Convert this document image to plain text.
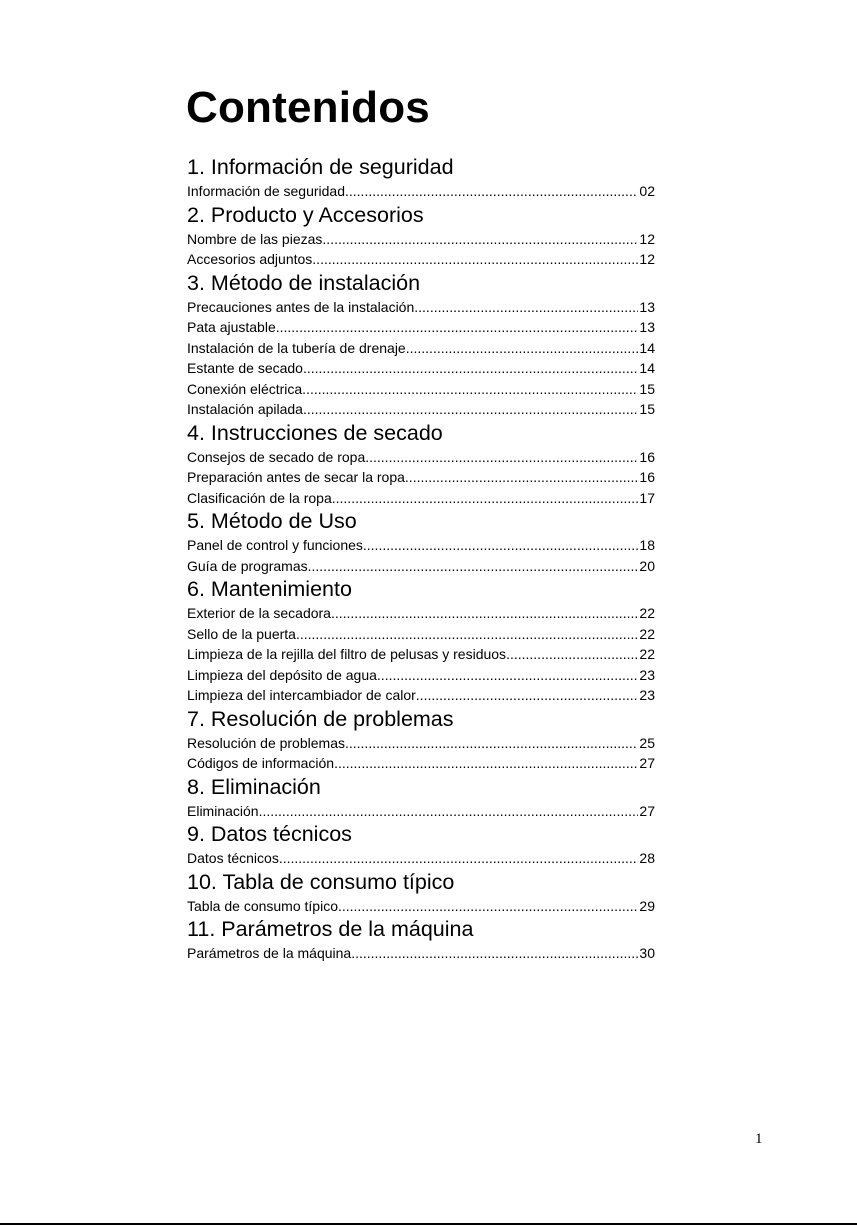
Contenidos
1. Información de seguridad
Información de seguridad .....	02
2. Producto y Accesorios
Nombre de las piezas .....	12
Accesorios adjuntos .....	12
3. Método de instalación
Precauciones antes de la instalación .....	13
Pata ajustable .....	13
Instalación de la tubería de drenaje .....	14
Estante de secado .....	14
Conexión eléctrica .....	15
Instalación apilada .....	15
4. Instrucciones de secado
Consejos de secado de ropa .....	16
Preparación antes de secar la ropa .....	16
Clasificación de la ropa .....	17
5. Método de Uso
Panel de control y funciones .....	18
Guía de programas .....	20
6. Mantenimiento
Exterior de la secadora .....	22
Sello de la puerta .....	22
Limpieza de la rejilla del filtro de pelusas y residuos .....	22
Limpieza del depósito de agua .....	23
Limpieza del intercambiador de calor .....	23
7. Resolución de problemas
Resolución de problemas .....	25
Códigos de información .....	27
8. Eliminación
Eliminación .....	27
9. Datos técnicos
Datos técnicos .....	28
10. Tabla de consumo típico
Tabla de consumo típico .....	29
11. Parámetros de la máquina
Parámetros de la máquina .....	30
1
